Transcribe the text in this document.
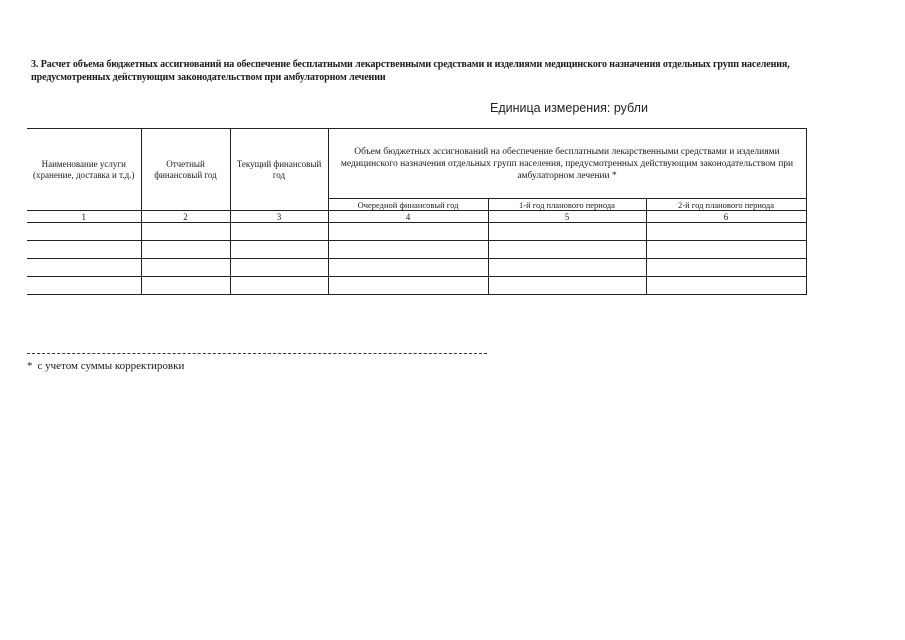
3. Расчет объема бюджетных ассигнований на обеспечение бесплатными лекарственными средствами и изделиями медицинского назначения отдельных групп населения, предусмотренных действующим законодательством при амбулаторном лечении
Единица измерения: рубли
Наименование услуги (хранение, доставка и т.д.)	Отчетный финансовый год	Текущий финансовый год	Объем бюджетных ассигнований на обеспечение бесплатными лекарственными средствами и изделиями медицинского назначения отдельных групп населения, предусмотренных действующим законодательством при амбулаторном лечении *		
			Очередной финансовый год	1-й год планового периода	2-й год планового периода
1	2	3	4	5	6

* с учетом суммы корректировки
